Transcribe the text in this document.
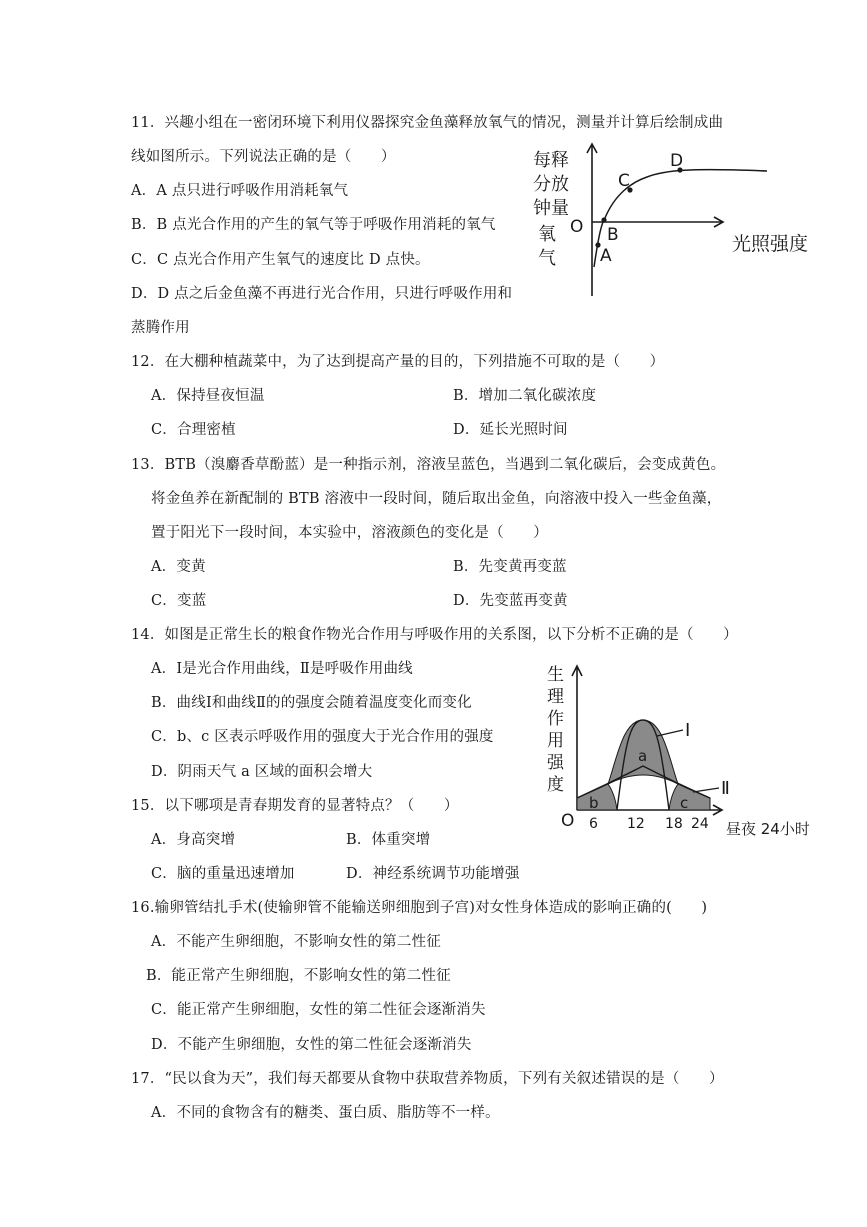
11．兴趣小组在一密闭环境下利用仪器探究金鱼藻释放氧气的情况，测量并计算后绘制成曲
线如图所示。下列说法正确的是（　　）
A．A 点只进行呼吸作用消耗氧气
B．B 点光合作用的产生的氧气等于呼吸作用消耗的氧气
C．C 点光合作用产生氧气的速度比 D 点快。
D．D 点之后金鱼藻不再进行光合作用，只进行呼吸作用和
蒸腾作用
每释
分放
钟量
氧
气
O
光照强度
A
B
C
D
12．在大棚种植蔬菜中，为了达到提高产量的目的，下列措施不可取的是（　　）
A．保持昼夜恒温	B．增加二氧化碳浓度
C．合理密植	D．延长光照时间
13．BTB（溴麝香草酚蓝）是一种指示剂，溶液呈蓝色，当遇到二氧化碳后，会变成黄色。
将金鱼养在新配制的 BTB 溶液中一段时间，随后取出金鱼，向溶液中投入一些金鱼藻，
置于阳光下一段时间，本实验中，溶液颜色的变化是（　　）
A．变黄	B．先变黄再变蓝
C．变蓝	D．先变蓝再变黄
14．如图是正常生长的粮食作物光合作用与呼吸作用的关系图，以下分析不正确的是（　　）
A．Ⅰ是光合作用曲线，Ⅱ是呼吸作用曲线
B．曲线Ⅰ和曲线Ⅱ的的强度会随着温度变化而变化
C．b、c 区表示呼吸作用的强度大于光合作用的强度
D．阴雨天气 a 区域的面积会增大
生
理
作
用
强
度
Ⅰ
Ⅱ
a
b	c
O 6 12 18 24 昼夜 24小时
15．以下哪项是青春期发育的显著特点？（　　）
A．身高突增	B．体重突增
C．脑的重量迅速增加	D．神经系统调节功能增强
16.输卵管结扎手术(使输卵管不能输送卵细胞到子宫)对女性身体造成的影响正确的(　　)
A．不能产生卵细胞，不影响女性的第二性征
B．能正常产生卵细胞，不影响女性的第二性征
C．能正常产生卵细胞，女性的第二性征会逐渐消失
D．不能产生卵细胞，女性的第二性征会逐渐消失
17．“民以食为天”，我们每天都要从食物中获取营养物质，下列有关叙述错误的是（　　）
A．不同的食物含有的糖类、蛋白质、脂肪等不一样。
